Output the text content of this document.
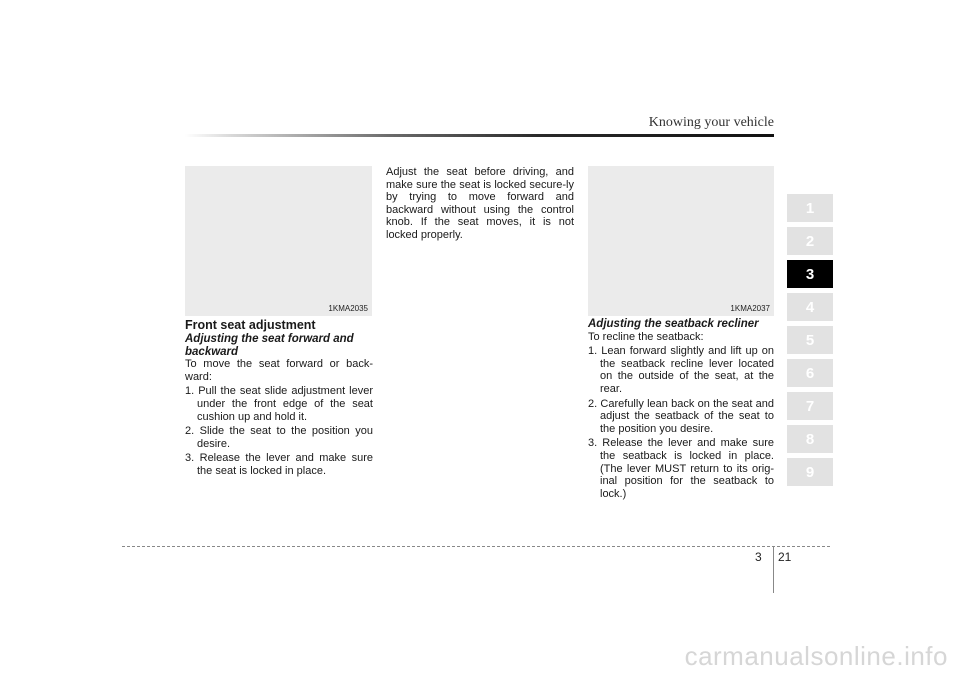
Knowing your vehicle
1KMA2035	1KMA2037

Front seat adjustment

Adjusting the seat forward and backward

To move the seat forward or back-ward:

1. Pull the seat slide adjustment lever under the front edge of the seat cushion up and hold it.
2. Slide the seat to the position you desire.
3. Release the lever and make sure the seat is locked in place.

Adjust the seat before driving, and make sure the seat is locked secure-ly by trying to move forward and backward without using the control knob. If the seat moves, it is not locked properly.

Adjusting the seatback recliner

To recline the seatback:

1. Lean forward slightly and lift up on the seatback recline lever located on the outside of the seat, at the rear.
2. Carefully lean back on the seat and adjust the seatback of the seat to the position you desire.
3. Release the lever and make sure the seatback is locked in place. (The lever MUST return to its orig-inal position for the seatback to lock.)
1
2
3
4
5
6
7
8
9
3 21
carmanualsonline.info
